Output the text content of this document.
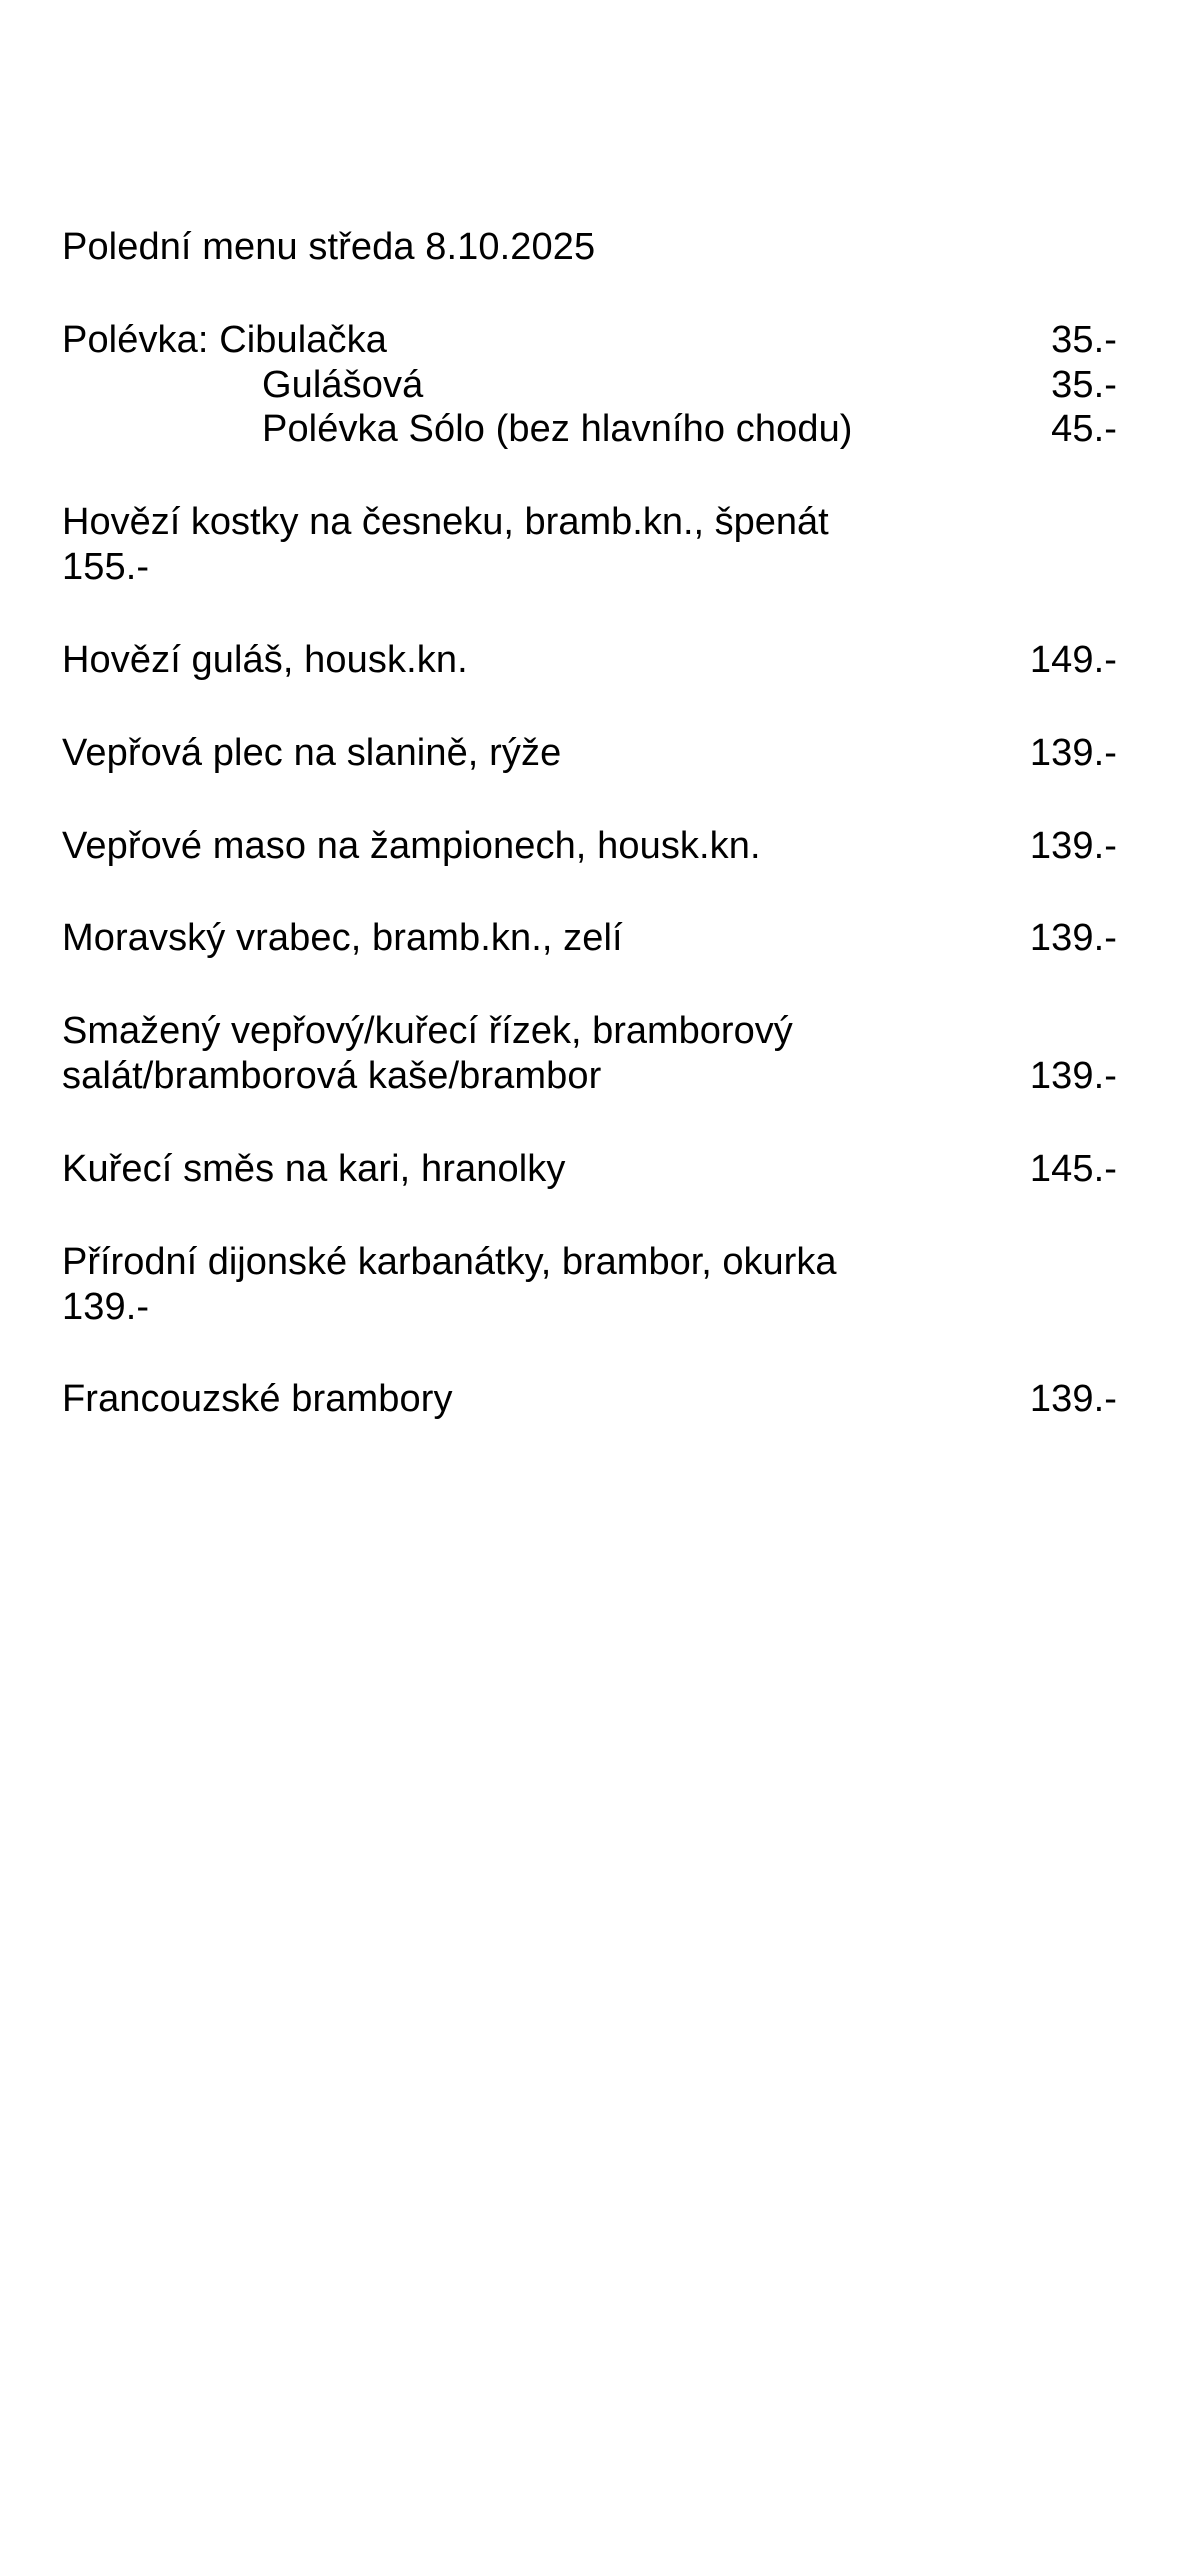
Polední menu středa 8.10.2025
Polévka: Cibulačka	35.-
Gulášová	35.-
Polévka Sólo (bez hlavního chodu)	45.-
Hovězí kostky na česneku, bramb.kn., špenát
155.-
Hovězí guláš, housk.kn.	149.-
Vepřová plec na slanině, rýže	139.-
Vepřové maso na žampionech, housk.kn.	139.-
Moravský vrabec, bramb.kn., zelí	139.-
Smažený vepřový/kuřecí řízek, bramborový
salát/bramborová kaše/brambor	139.-
Kuřecí směs na kari, hranolky	145.-
Přírodní dijonské karbanátky, brambor, okurka
139.-
Francouzské brambory	139.-
